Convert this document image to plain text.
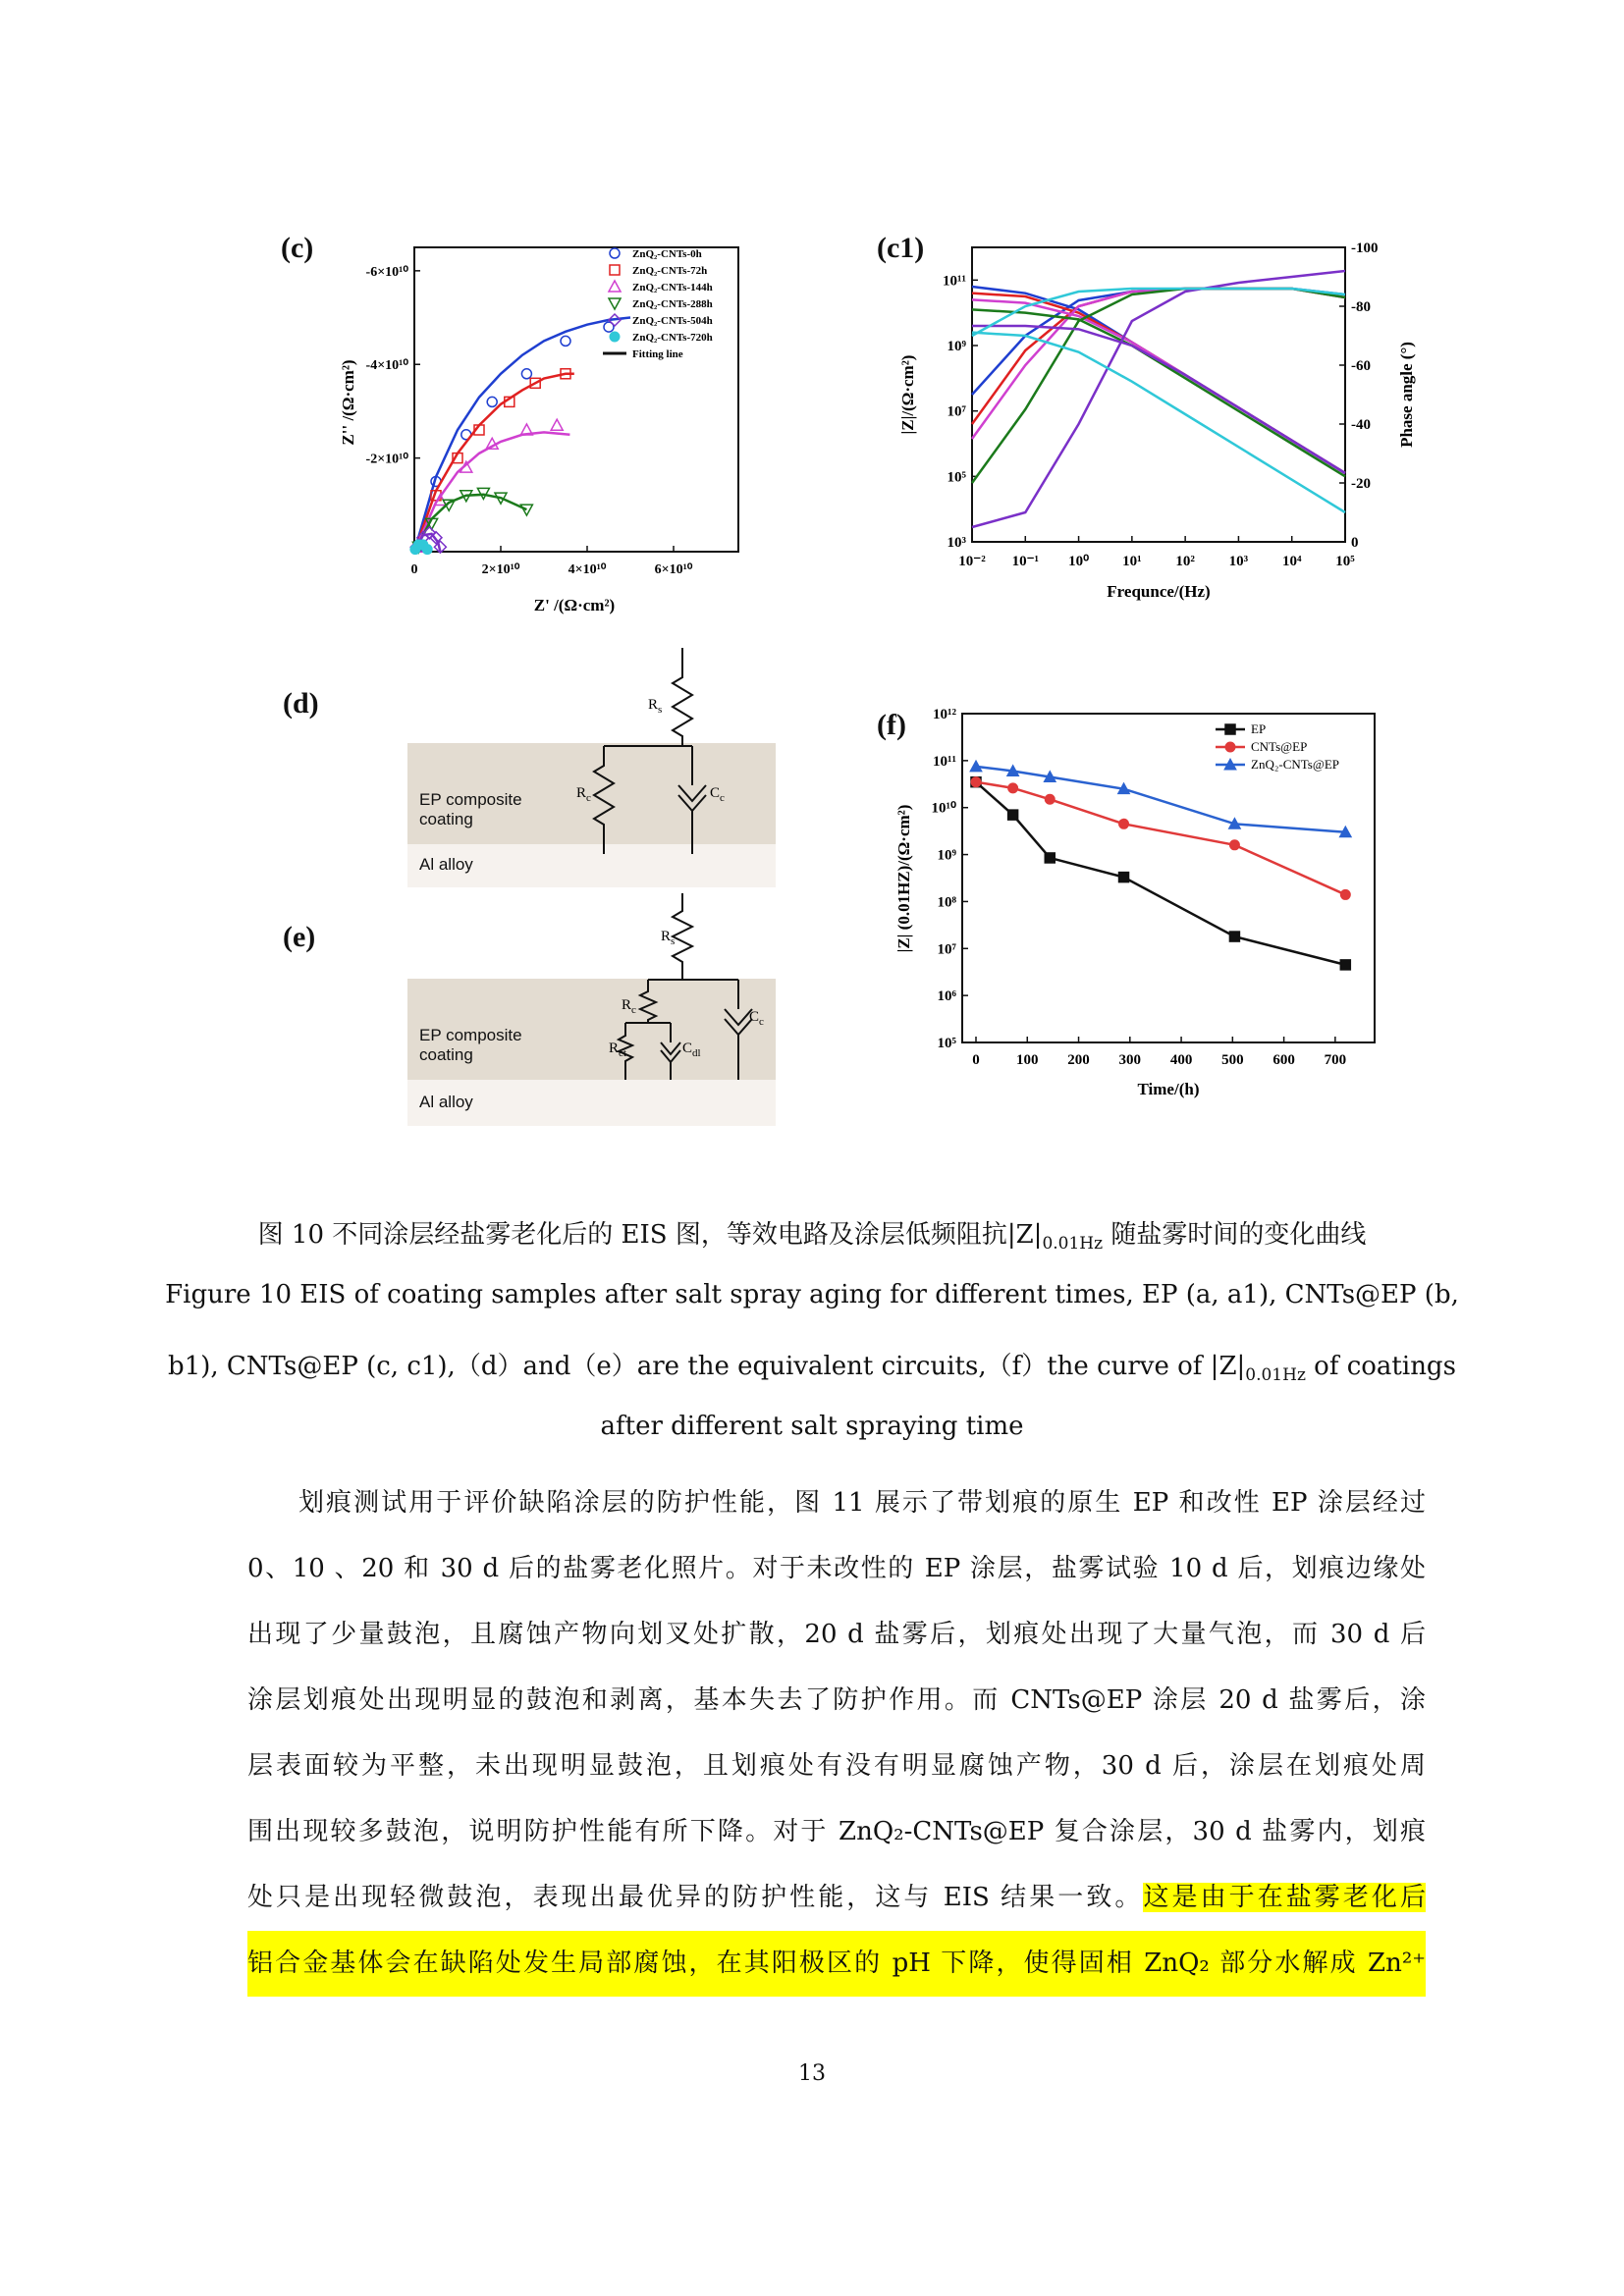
(c)	(c1)
(d)
(e)
(f)
0	2×10¹⁰	4×10¹⁰	6×10¹⁰
-6×10¹⁰
-4×10¹⁰
-2×10¹⁰
ZnQ₂-CNTs-0h
ZnQ₂-CNTs-72h
ZnQ₂-CNTs-144h
ZnQ₂-CNTs-288h
ZnQ₂-CNTs-504h
ZnQ₂-CNTs-720h
Fitting line
Z' /(Ω·cm²)
Z'' /(Ω·cm²)
10⁻² 10⁻¹ 10⁰ 10¹ 10² 10³ 10⁴ 10⁵
10¹¹
10⁹
10⁷
10⁵
10³
-100
-80
-60
-40
-20
0
Frequnce/(Hz)
|Z|/(Ω·cm²)	Phase angle (°)
EP composite coating
Al alloy
$R_s$
$R_c$	$C_c$
EP composite coating
Al alloy
$R_s$
$R_c$
$R_{ct}$	$C_{dl}$
$C_c$
0 100 200 300 400 500 600 700
10⁵
10⁶
10⁷
10⁸
10⁹
10¹⁰
10¹¹
10¹²
EP
CNTs@EP
ZnQ₂-CNTs@EP
Time/(h)
|Z| (0.01HZ)/(Ω·cm²)
图 10 不同涂层经盐雾老化后的 EIS 图，等效电路及涂层低频阻抗$|Z|_{0.01Hz}$ 随盐雾时间的变化曲线
Figure 10 EIS of coating samples after salt spray aging for different times, EP (a, a1), CNTs@EP (b,
b1), CNTs@EP (c, c1),（d）and（e）are the equivalent circuits,（f）the curve of $|Z|_{0.01Hz}$ of coatings
after different salt spraying time
划痕测试用于评价缺陷涂层的防护性能，图 11 展示了带划痕的原生 EP 和改性 EP 涂层经过
0、10 、20 和 30 d 后的盐雾老化照片。对于未改性的 EP 涂层，盐雾试验 10 d 后，划痕边缘处
出现了少量鼓泡，且腐蚀产物向划叉处扩散，20 d 盐雾后，划痕处出现了大量气泡，而 30 d 后
涂层划痕处出现明显的鼓泡和剥离，基本失去了防护作用。而 CNTs@EP 涂层 20 d 盐雾后，涂
层表面较为平整，未出现明显鼓泡，且划痕处有没有明显腐蚀产物，30 d 后，涂层在划痕处周
围出现较多鼓泡，说明防护性能有所下降。对于 ZnQ₂-CNTs@EP 复合涂层，30 d 盐雾内，划痕
处只是出现轻微鼓泡，表现出最优异的防护性能，这与 EIS 结果一致。这是由于在盐雾老化后
铝合金基体会在缺陷处发生局部腐蚀，在其阳极区的 pH 下降，使得固相 ZnQ₂ 部分水解成 Zn²⁺
13
